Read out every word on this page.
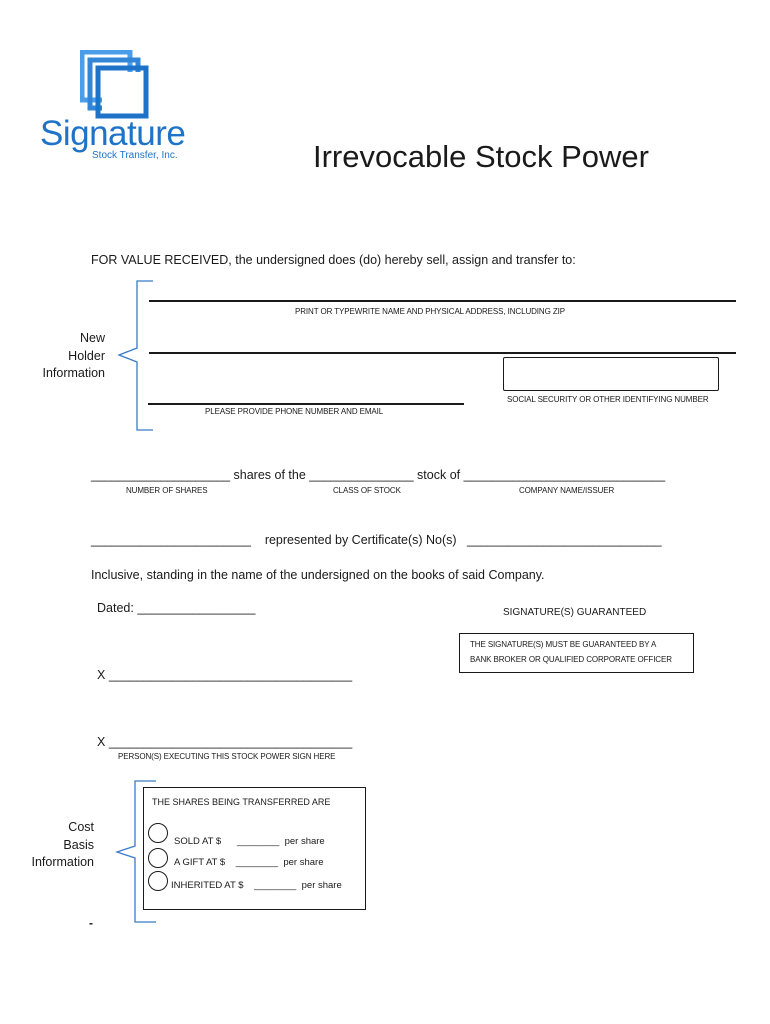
Signature
Stock Transfer, Inc.	Irrevocable Stock Power
FOR VALUE RECEIVED, the undersigned does (do) hereby sell, assign and transfer to:
New
Holder
Information
PRINT OR TYPEWRITE NAME AND PHYSICAL ADDRESS, INCLUDING ZIP
SOCIAL SECURITY OR OTHER IDENTIFYING NUMBER
PLEASE PROVIDE PHONE NUMBER AND EMAIL
____________________ shares of the _______________ stock of _____________________________
NUMBER OF SHARES	CLASS OF STOCK	COMPANY NAME/ISSUER
_______________________ represented by Certificate(s) No(s) ____________________________
Inclusive, standing in the name of the undersigned on the books of said Company.
Dated: _________________	SIGNATURE(S) GUARANTEED
THE SIGNATURE(S) MUST BE GUARANTEED BY A
BANK BROKER OR QUALIFIED CORPORATE OFFICER
X ___________________________________
X ___________________________________
PERSON(S) EXECUTING THIS STOCK POWER SIGN HERE
Cost
Basis
Information
THE SHARES BEING TRANSFERRED ARE
SOLD AT $ ________ per share
A GIFT AT $ ________ per share
INHERITED AT $ ________ per share
-
